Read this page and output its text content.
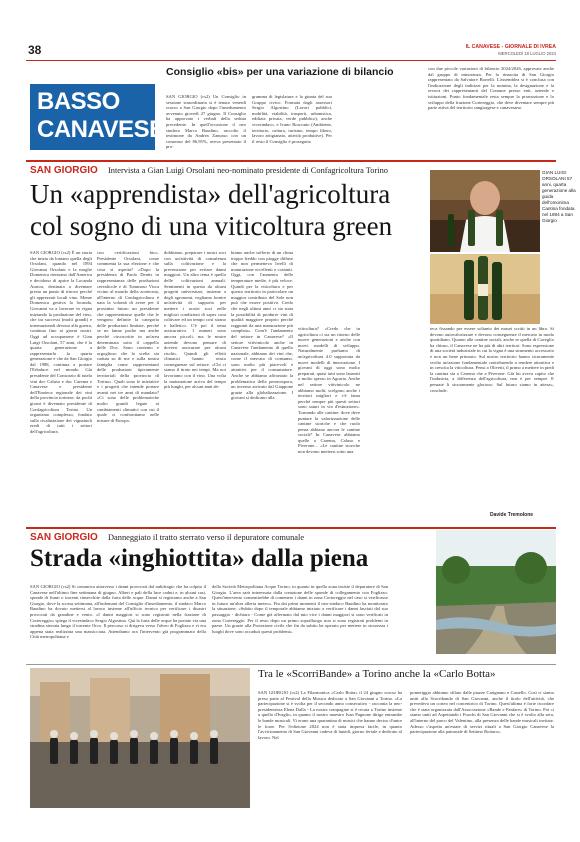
38	IL CANAVESE - GIORNALE DI IVREA
MERCOLEDÌ 18 LUGLIO 2024
BASSO
CANAVESE
Consiglio «bis» per una variazione di bilancio
SAN GIORGIO (cs2) Un Consiglio in sessione straordinaria si è tenuto venerdì scorso a San Giorgio dopo l'insediamento avvenuto giovedì 27 giugno. Il Consiglio ha approvato i verbali della seduta precedente. In quell'occasione il neo sindaco Marco Baudino, raccolto il testimone da Andrea Zanusso con un consenso del 86,95%, aveva presentato il pro-
gramma di legislatura e la giunta del suo Gruppo civico. Formata dagli assessori Sergio Algostino (Lavori pubblici, mobilità, viabilità, trasporti, urbanistica, edilizia privata, verde pubblico), anche vicesindaco, e Ivano Rosconto (Ambiente, territorio, cultura, turismo, tempo libero, lavoro artigianato, attività produttive). Per il resto il Consiglio è proseguito
con due piccole variazioni di bilancio 2024/2026, approvate anche dal gruppo di minoranza. Per la rinascita di San Giorgio rappresentato da Salvatore Borrelli. L'assemblea si è conclusa con l'indicazione degli indirizzi per la nomina, la designazione e la revoca dei rappresentanti del Comune presso enti, aziende e istituzioni. Punto fondamentale resta sempre la promozione e lo sviluppo della frazione Cortereggio, che deve diventare sempre più parte attiva del territorio sangiorgese e canavesano.
SAN GIORGIO Intervista a Gian Luigi Orsolani neo-nominato presidente di Confagricoltura Torino
Un «apprendista» dell'agricoltura
col sogno di una viticoltura green
GIAN LUIGI ORSOLANI 57 anni, quarta generazione alla guida dell'omonima Cantina fondata nel 1894 a San Giorgio
SAN GIORGIO (cs2) È un storia che inizia da lontano quella degli Orsolani, quando nel 1894 Giovanni Orsolani e la moglie Domenica rientrano dall'America e decidono di aprire la Locanda Aurora, destinata a diventare presto un punto di ritrovo perché gli apprezzati locali vino. Meme Domenica gestiva la locanda, Giovanni va a lavorare in vigna iniziando la produzione del vino, che tra successi (molti grandi) e internazionali devono alla guerra, continua fino ai giorni nostri. Oggi ad occuparsene è Gian Luigi Orsolani, 57 anni, che è la quarta generazione a rappresentarla la quarta generazione e che da San Giorgio dal 1988, continua a portare l'Erbaluce nel mondo. Già presidente del Consorzio di tutela vini doc Caluso e doc Carema e Canavese e presidente dell'Enoteca regionale dei vini della provincia torinese, da pochi giorni è diventato presidente di Confagricoltura Torino. Un organismo complesso, fondato sulla rivalutazione dei vignaiuoli eredi di tutti i settori dell'agricoltura.
con certificazioni bio». Presidente Orsolani, come commenta la sua elezione e che cosa si aspetta? «Dopo la presidenza di Paolo Dentis in rappresentanza delle produzioni cerealicole e di Tommaso Visca vicino al mondo della zootecnia, all'interno di Confagricoltura è nata la volontà di avere per il prossimo futuro un presidente che rappresentasse quelle che le vengono definite la categoria delle produzioni limitate, perché se ne fanno poche ma anche perché circoscritte in un'area determinata sotto il cappello delle Doc. Sono contento e orgoglioso che la scelta sia caduta su di me e sulla nostra famiglia come rappresentanti delle produzioni tipicamente territoriali della provincia di Torino». Quali sono le iniziative e i progetti che intende portare avanti nei tre anni di mandato? «Ci sono delle problematiche molto grandi legate ai cambiamenti climatici con cui il quale ci confrontiamo nelle misure di Europa.
dobbiamo, preparare i nostri soci con un'attività di consulenza sulla coltivazione e la prevenzione per evitare danni maggiori. Un altro tema è quello delle coltivazioni annuali. Sentimenti in questa da alcuni progetti universitari, insieme a degli agronomi, vogliamo fornire un'attività di supporto per mettere i nostri soci nelle migliori condizioni di saper cosa coltivare ed un tempo così strano e balletico. C'è poi il tema assicurativo. I numeri sono ancora piccoli, ma le nostre aziende devono pensare di doversi assicurare per alcuni rischi». Quindi gli effetti climatici hanno avuto conseguenze sul settore. «Chi ci siamo il tirato nei tempi. Ma noi lavoriamo con il vino. Una volta la maturazione arriva del tempo più lunghi, per alcuni anni ab-
biamo anche sofferto di un clima troppo freddo con piogge diffuse che non permetteva livelli di maturazione eccellenti e costanti. Oggi, con l'aumento delle temperature medie, è più veloce. Quindi per la viticoltura e per questo territorio in particolare un maggior contributo del Sole non può che essere positivo. Credo che negli ultimi anni ci sia stata la possibilità di produrre vini di qualità maggiore proprio perché ragguinti da una maturazione più completa». Com'è l'andamento del settore in Canavese? «Il settore vitivinicolo anche in Canavese l'andamento di quello nazionale, abbiamo dei vini che, come il mercato di consumo, sono molto più piacevoli e attrattivi per il consumatore. Anche se abbiamo affrontato la problematica della peronospora, un inverno arrivato dal Giappone grazie alla globalizzazione. I giovani si dedicano alla
viticoltura? «Credo che in agricoltura ci sia un ritorno delle nuove generazioni e anche con nuovi modelli di sviluppo. Naturalmente parliamo di un'agricoltura 4.0 supportata da nuovi modelli di innovazione. I giovani di oggi sono molto preparati, quasi tutti sono laureati o molto spesso in Agraria. Anche nel settore vitivinicolo ne abbiamo molti, scelgono anche i territori migliori e c'è fama perché sempre più questi settori sono saturi in via d'estinzione». Tornando alle cantine: dove deve puntare la valorizzazione delle cantine storiche e che ruolo pensa abbiano ancora le cantine sociali? In Canavese abbiamo quelle a Carema, Caluso e Piverone... «Le cantine storiche non devono mettersi sotto una
teca fissando per essere soltanto dei musei scritti in un libro. Si devono autovalorizzare e devono conseguenze il mercato in modo quotidiano. Quanto alle cantine sociali, anche se quella di Cuceglio ha chiuso, il Canavese ne ha più di altri territori. Sono espressione di una società industriale in cui la vigna è una strumento accessorio e non un bene primario. Sul nostro territorio hanno sicuramente svolto un'azione fondamentale contribuendo a rendere attrattiva e in crescita la viticoltura. Pensi a Olivetti, il primo a mettere in piedi la cantina sia a Carema che a Piverone. Già lui aveva capito che l'industria, a differenza dell'agricoltura, non è per sempre. E pensate li sicuramente glorioso. Sul futuro siamo in attesa», conclude.
Davide Tremolone
SAN GIORGIO Danneggiato il tratto sterrato verso il depuratore comunale
Strada «inghiottita» dalla piena
SAN GIORGIO (cs2) Si comunica attraverso i danni provocati dal nubifragio che ha colpito il Canavese nell'ultimo fine settimana di giugno. Alberi e pali della luce caduti e, in alcuni casi, sponde di fiumi o torrenti rinsecchite dalla furia delle acque. Danni si registrano anche a San Giorgio, dove la scorsa settimana, all'indomani del Consiglio d'insediamento, il sindaco Marco Baudino ha dovuto mettersi al lavoro insieme all'ufficio tecnico per verificare i disastri provocati da grandine e vento. «I danni maggiori si sono registrati nella frazione di Cortereggio» spiega il vicesindaco Sergio Algostino. Qui la furia delle acque ha portato via una stradina sterrata lungo il torrente Orco. Il percorso si dirigeva verso l'alveo di Foglizzo e vi era appena stata realizzata una massicciata. Attendiamo ora l'intervento già programmato della Città metropolitana e
della Società Metropolitana Acque Torino, in quanto in quella zona insiste il depuratore di San Giorgio. L'area sarà interessata dalla creazione delle sponde di collegamento con Foglizzo. Quest'intervento consentirebbe di contenere i danni in zona Cortereggio nel caso si verificasse in futuro un'altra allerta meteo». Fin dai primi momenti il neo-sindaco Baudino ha monitorato la situazione. «Subito dopo il temporale abbiamo iniziato a verificare i danni lasciati dal suo passaggio - dichiara - Come già affermato dal mio vice i danni maggiori si sono verificati in zona Cortereggio. Per il resto dopo un primo sopralluogo non si sono registrati problemi in paese. Un grazie alla Protezione civile che fin da subito ha operato per mettere in sicurezza i luoghi dove sono accaduti questi problemi».
Tra le «ScorriBande» a Torino anche la «Carlo Botta»
SAN GIORGIO (cs2) La Filarmonica «Carlo Botta» il 24 giugno scorso ha preso parte al Festival della Musica dedicato a San Giovanni a Torino. «La partecipazione si è svolta per il secondo anno consecutivo - racconta la neo-presidentessa Elena Dalla - La nostra compagine si è recata a Torino insieme a quella d'Ivaglio, in quanto il nostro maestro Ivan Pagnone dirige entrambe le bande musicali. Vi erano una quarantina di musici che hanno deciso d'unire le forze. Per l'edizione 2024 non è stata impresa facile, in quanto l'avvicinamento di San Giovanni cadeva di lunedì, giorno feriale e dedicato al lavoro. Nel
pomeriggio abbiamo sfilato dalle piazze Carignano e Castello. Così ci siamo uniti alla Scorribanda di San Giovanni, anche il titolo dell'attività, che prevedeva un corteo nel concentrico di Torino. Quest'ultima è forte ricordare che è stata organizzata dall'Associazione «Bande e Fanfare» di Torino. Poi ci siamo uniti ad Aspettando i Fuochi di San Giovanni che si è svolto alla sera, all'interno del parco del Valentino, alla presenza delle bande musicali invitate. Adesso c'aspetta un'estate di servizi rituali a San Giorgio Canavese la partecipazione alla patronale di Settimo Rottaro».
